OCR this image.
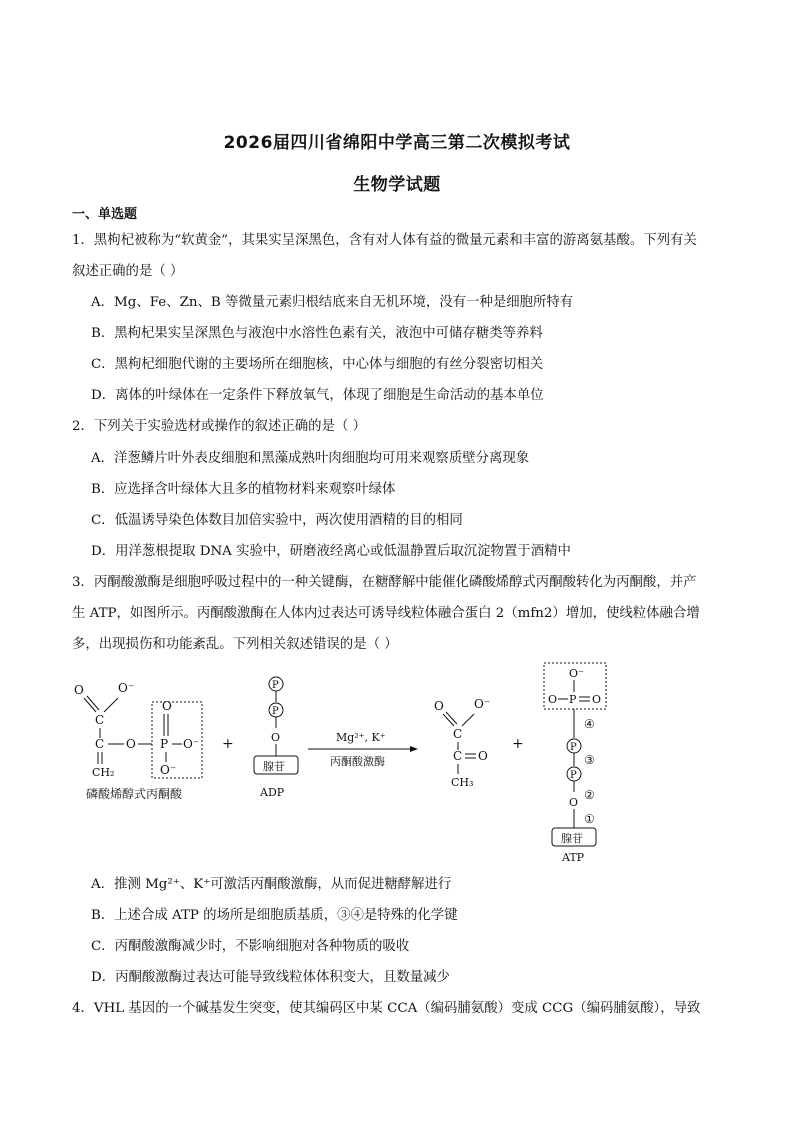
2026届四川省绵阳中学高三第二次模拟考试
生物学试题
一、单选题
1．黑枸杞被称为“软黄金”，其果实呈深黑色，含有对人体有益的微量元素和丰富的游离氨基酸。下列有关
叙述正确的是（ ）
A．Mg、Fe、Zn、B 等微量元素归根结底来自无机环境，没有一种是细胞所特有
B．黑枸杞果实呈深黑色与液泡中水溶性色素有关，液泡中可储存糖类等养料
C．黑枸杞细胞代谢的主要场所在细胞核，中心体与细胞的有丝分裂密切相关
D．离体的叶绿体在一定条件下释放氧气，体现了细胞是生命活动的基本单位
2．下列关于实验选材或操作的叙述正确的是（ ）
A．洋葱鳞片叶外表皮细胞和黑藻成熟叶肉细胞均可用来观察质壁分离现象
B．应选择含叶绿体大且多的植物材料来观察叶绿体
C．低温诱导染色体数目加倍实验中，两次使用酒精的目的相同
D．用洋葱根提取 DNA 实验中，研磨液经离心或低温静置后取沉淀物置于酒精中
3．丙酮酸激酶是细胞呼吸过程中的一种关键酶，在糖酵解中能催化磷酸烯醇式丙酮酸转化为丙酮酸，并产
生 ATP，如图所示。丙酮酸激酶在人体内过表达可诱导线粒体融合蛋白 2（mfn2）增加，使线粒体融合增
多，出现损伤和功能紊乱。下列相关叙述错误的是（ ）
O	O⁻
C
C O
CH₂
O
P O⁻
O⁻
磷酸烯醇式丙酮酸
+
P
P
O
腺苷
ADP
Mg²⁺, K⁺
丙酮酸激酶
O	O⁻
C
C O
CH₃
+
O⁻
O P O
④
P
③
P
②
O
①
腺苷
ATP
A．推测 Mg²⁺、K⁺可激活丙酮酸激酶，从而促进糖酵解进行
B．上述合成 ATP 的场所是细胞质基质，③④是特殊的化学键
C．丙酮酸激酶减少时，不影响细胞对各种物质的吸收
D．丙酮酸激酶过表达可能导致线粒体体积变大，且数量减少
4．VHL 基因的一个碱基发生突变，使其编码区中某 CCA（编码脯氨酸）变成 CCG（编码脯氨酸），导致
